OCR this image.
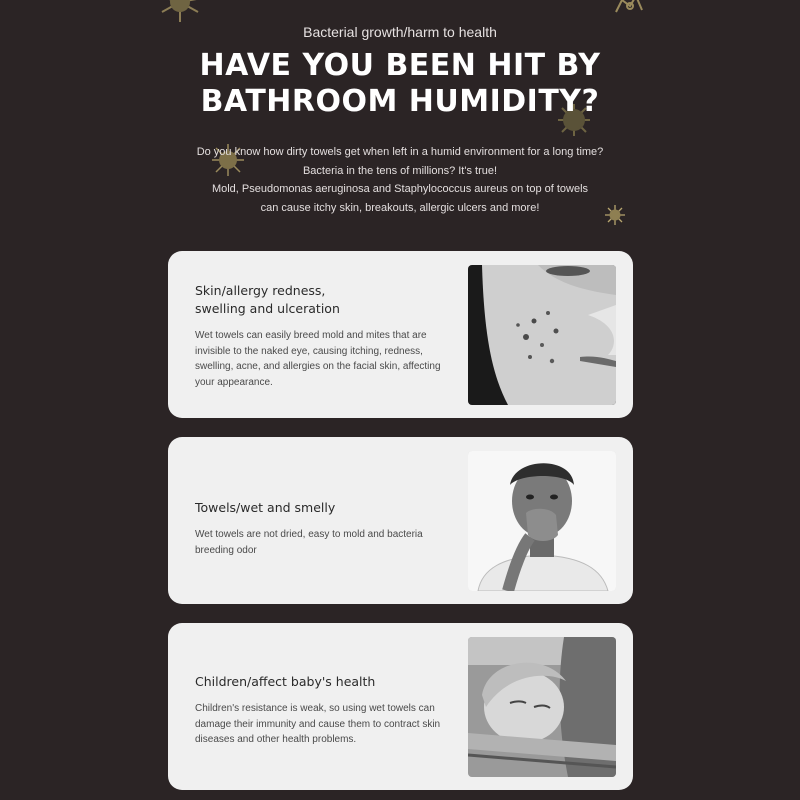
Bacterial growth/harm to health
HAVE YOU BEEN HIT BY
BATHROOM HUMIDITY?
Do you know how dirty towels get when left in a humid environment for a long time?
Bacteria in the tens of millions? It's true!
Mold, Pseudomonas aeruginosa and Staphylococcus aureus on top of towels
can cause itchy skin, breakouts, allergic ulcers and more!
Skin/allergy redness,
swelling and ulceration
Wet towels can easily breed mold and mites that are invisible to the naked eye, causing itching, redness, swelling, acne, and allergies on the facial skin, affecting your appearance.
Towels/wet and smelly
Wet towels are not dried, easy to mold and bacteria breeding odor
Children/affect baby's health
Children's resistance is weak, so using wet towels can damage their immunity and cause them to contract skin diseases and other health problems.
